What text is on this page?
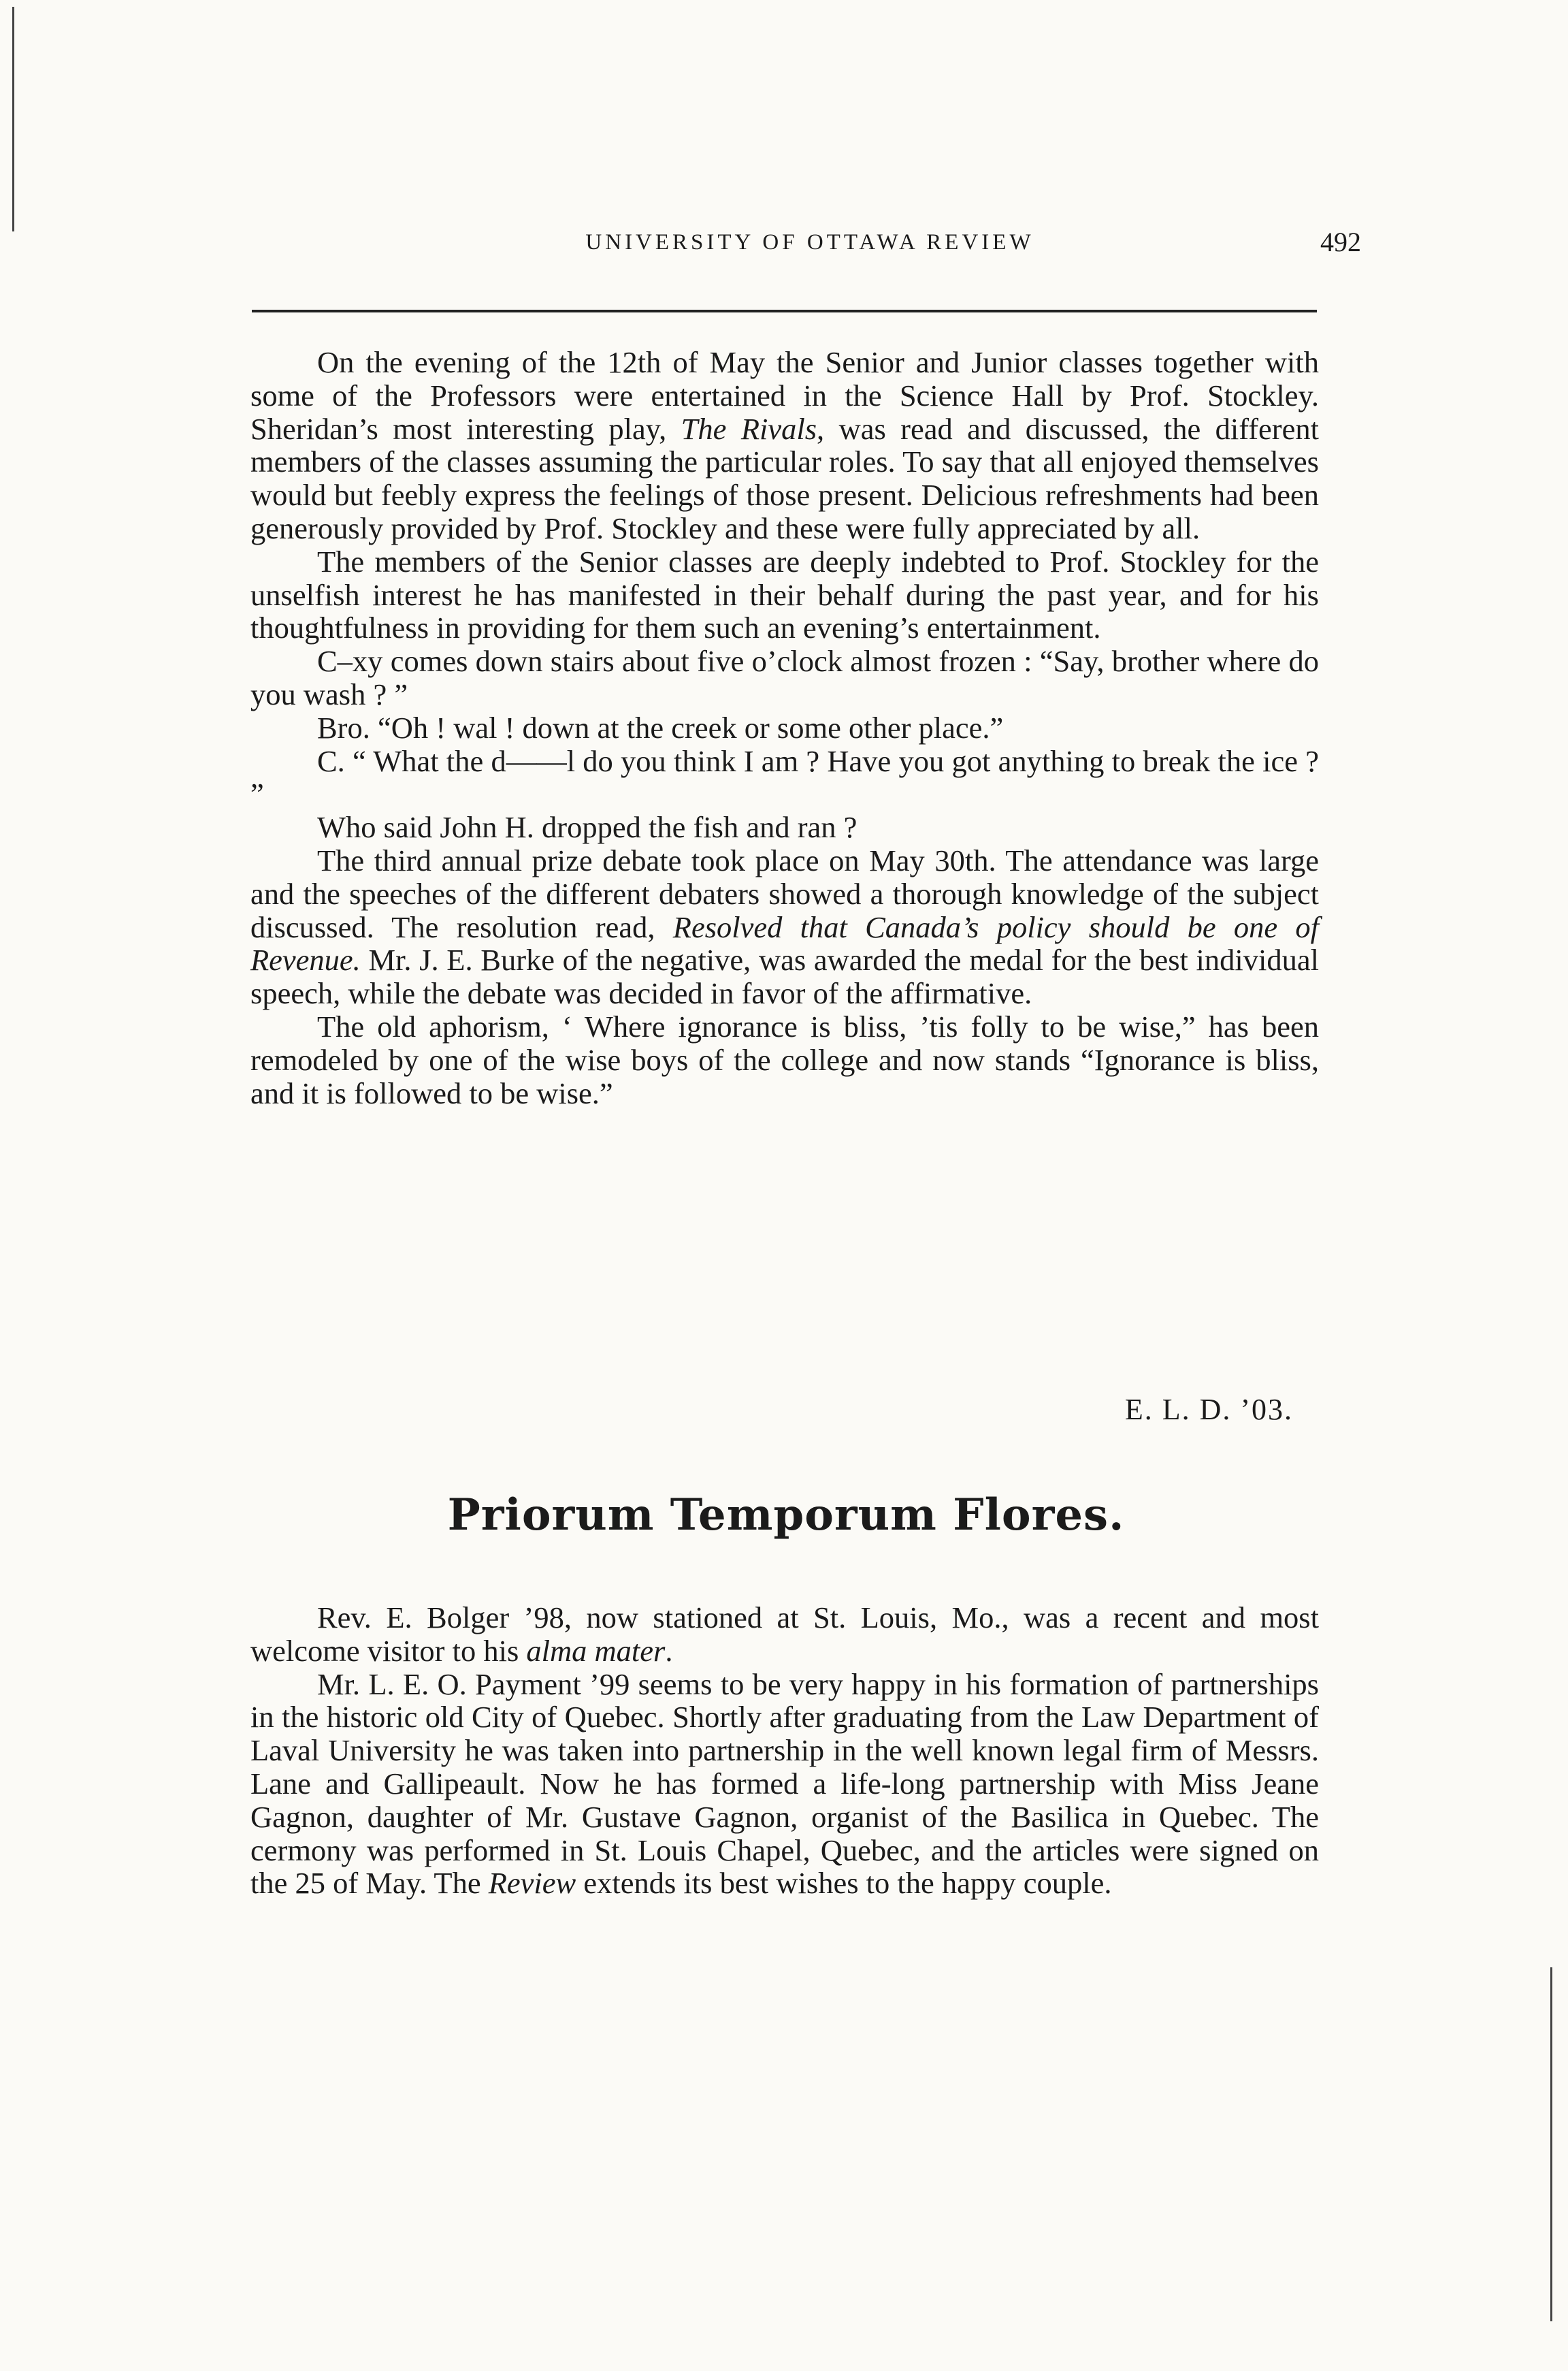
UNIVERSITY OF OTTAWA REVIEW	492

On the evening of the 12th of May the Senior and Junior classes together with some of the Professors were entertained in the Science Hall by Prof. Stockley. Sheridan’s most interesting play, The Rivals, was read and discussed, the different members of the classes assuming the particular roles. To say that all enjoyed themselves would but feebly express the feelings of those present. Delicious refreshments had been generously provided by Prof. Stockley and these were fully appreciated by all.

The members of the Senior classes are deeply indebted to Prof. Stockley for the unselfish interest he has manifested in their behalf during the past year, and for his thoughtfulness in providing for them such an evening’s entertainment.

C–xy comes down stairs about five o’clock almost frozen : “Say, brother where do you wash ? ”

Bro. “Oh ! wal ! down at the creek or some other place.”

C. “ What the d——l do you think I am ? Have you got anything to break the ice ? ”

Who said John H. dropped the fish and ran ?

The third annual prize debate took place on May 30th. The attendance was large and the speeches of the different debaters showed a thorough knowledge of the subject discussed. The resolution read, Resolved that Canada’s policy should be one of Revenue. Mr. J. E. Burke of the negative, was awarded the medal for the best individual speech, while the debate was decided in favor of the affirmative.

The old aphorism, ‘ Where ignorance is bliss, ’tis folly to be wise,” has been remodeled by one of the wise boys of the college and now stands “Ignorance is bliss, and it is followed to be wise.”

E. L. D. ’03.
Priorum Temporum Flores.

Rev. E. Bolger ’98, now stationed at St. Louis, Mo., was a recent and most welcome visitor to his alma mater.

Mr. L. E. O. Payment ’99 seems to be very happy in his formation of partnerships in the historic old City of Quebec. Shortly after graduating from the Law Department of Laval University he was taken into partnership in the well known legal firm of Messrs. Lane and Gallipeault. Now he has formed a life-long partnership with Miss Jeane Gagnon, daughter of Mr. Gustave Gagnon, organist of the Basilica in Quebec. The cermony was performed in St. Louis Chapel, Quebec, and the articles were signed on the 25 of May. The Review extends its best wishes to the happy couple.
